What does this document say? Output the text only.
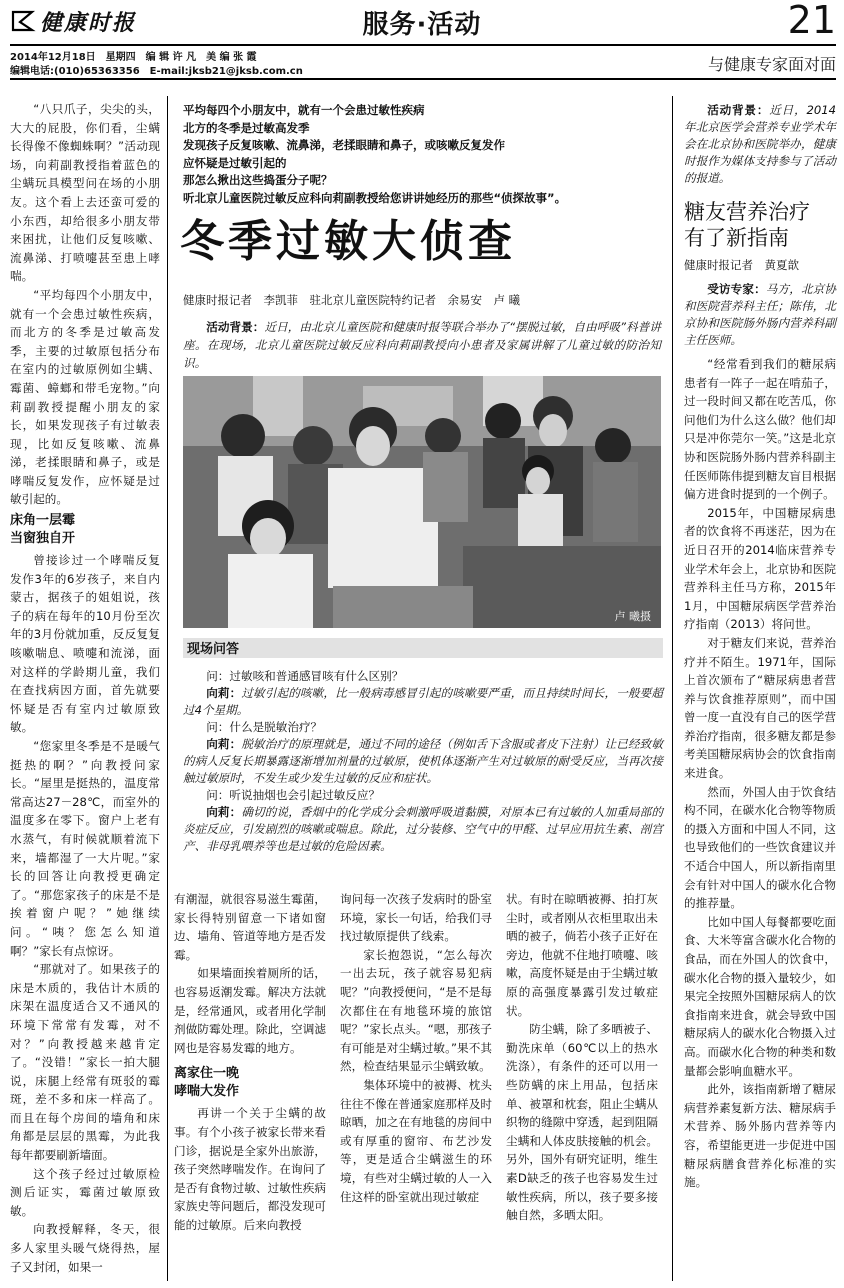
健康时报	服务·活动	21
2014年12月18日　星期四　编 辑 许 凡　美 编 张 霞
编辑电话:(010)65363356　E-mail:jksb21@jksb.com.cn	与健康专家面对面

“八只爪子，尖尖的头，大大的屁股，你们看，尘螨长得像不像蜘蛛啊？”活动现场，向莉副教授指着蓝色的尘螨玩具模型问在场的小朋友。这个看上去还蛮可爱的小东西，却给很多小朋友带来困扰，让他们反复咳嗽、流鼻涕、打喷嚏甚至患上哮喘。

“平均每四个小朋友中，就有一个会患过敏性疾病，而北方的冬季是过敏高发季，主要的过敏原包括分布在室内的过敏原例如尘螨、霉菌、蟑螂和带毛宠物。”向莉副教授提醒小朋友的家长，如果发现孩子有过敏表现，比如反复咳嗽、流鼻涕，老揉眼睛和鼻子，或是哮喘反复发作，应怀疑是过敏引起的。

床角一层霉
当窗独自开

曾接诊过一个哮喘反复发作3年的6岁孩子，来自内蒙古，据孩子的姐姐说，孩子的病在每年的10月份至次年的3月份就加重，反反复复咳嗽喘息、喷嚏和流涕，面对这样的学龄期儿童，我们在查找病因方面，首先就要怀疑是否有室内过敏原致敏。

“您家里冬季是不是暖气挺热的啊？”向教授问家长。“屋里是挺热的，温度常常高达27－28℃，而室外的温度多在零下。窗户上老有水蒸气，有时候就顺着流下来，墙都湿了一大片呢。”家长的回答让向教授更确定了。“那您家孩子的床是不是挨着窗户呢？”她继续问。“咦？您怎么知道啊？”家长有点惊讶。

“那就对了。如果孩子的床是木质的，我估计木质的床架在温度适合又不通风的环境下常常有发霉，对不对？”向教授越来越肯定了。“没错！”家长一拍大腿说，床腿上经常有斑驳的霉斑，差不多和床一样高了。而且在每个房间的墙角和床角都是层层的黑霉，为此我每年都要刷新墙面。

这个孩子经过过敏原检测后证实，霉菌过敏原致敏。

向教授解释，冬天，很多人家里头暖气烧得热，屋子又封闭，如果一

平均每四个小朋友中，就有一个会患过敏性疾病
北方的冬季是过敏高发季
发现孩子反复咳嗽、流鼻涕，老揉眼睛和鼻子，或咳嗽反复发作
应怀疑是过敏引起的
那怎么揪出这些捣蛋分子呢？
听北京儿童医院过敏反应科向莉副教授给您讲讲她经历的那些“侦探故事”。
冬季过敏大侦查
健康时报记者　李凯菲　驻北京儿童医院特约记者　余易安　卢 曦

活动背景：近日，由北京儿童医院和健康时报等联合举办了“摆脱过敏，自由呼吸”科普讲座。在现场，北京儿童医院过敏反应科向莉副教授向小患者及家属讲解了儿童过敏的防治知识。

卢 曦摄
现场问答

问：过敏咳和普通感冒咳有什么区别？

向莉：过敏引起的咳嗽，比一般病毒感冒引起的咳嗽要严重，而且持续时间长，一般要超过4个星期。

问：什么是脱敏治疗？

向莉：脱敏治疗的原理就是，通过不同的途径（例如舌下含服或者皮下注射）让已经致敏的病人反复长期暴露逐渐增加剂量的过敏原，使机体逐渐产生对过敏原的耐受反应，当再次接触过敏原时，不发生或少发生过敏的反应和症状。

问：听说抽烟也会引起过敏反应？

向莉：确切的说，香烟中的化学成分会刺激呼吸道黏膜，对原本已有过敏的人加重局部的炎症反应，引发剧烈的咳嗽或喘息。除此，过分装修、空气中的甲醛、过早应用抗生素、剖宫产、非母乳喂养等也是过敏的危险因素。

有潮湿，就很容易滋生霉菌，家长得特别留意一下诸如窗边、墙角、管道等地方是否发霉。

如果墙面挨着厕所的话，也容易返潮发霉。解决方法就是，经常通风，或者用化学制剂做防霉处理。除此，空调滤网也是容易发霉的地方。

离家住一晚
哮喘大发作

再讲一个关于尘螨的故事。有个小孩子被家长带来看门诊，据说是全家外出旅游，孩子突然哮喘发作。在询问了是否有食物过敏、过敏性疾病家族史等问题后，都没发现可能的过敏原。后来向教授

询问每一次孩子发病时的卧室环境，家长一句话，给我们寻找过敏原提供了线索。

家长抱怨说，“怎么每次一出去玩，孩子就容易犯病呢？”向教授便问，“是不是每次都住在有地毯环境的旅馆呢？”家长点头。“嗯，那孩子有可能是对尘螨过敏。”果不其然，检查结果显示尘螨致敏。

集体环境中的被褥、枕头往往不像在普通家庭那样及时晾晒，加之在有地毯的房间中或有厚重的窗帘、布艺沙发等，更是适合尘螨滋生的环境，有些对尘螨过敏的人一入住这样的卧室就出现过敏症

状。有时在晾晒被褥、拍打灰尘时，或者刚从衣柜里取出未晒的被子，倘若小孩子正好在旁边，他就不住地打喷嚏、咳嗽，高度怀疑是由于尘螨过敏原的高强度暴露引发过敏症状。

防尘螨，除了多晒被子、勤洗床单（60℃以上的热水洗涤），有条件的还可以用一些防螨的床上用品，包括床单、被罩和枕套，阻止尘螨从织物的缝隙中穿透，起到阻隔尘螨和人体皮肤接触的机会。另外，国外有研究证明，维生素D缺乏的孩子也容易发生过敏性疾病，所以，孩子要多接触自然，多晒太阳。

活动背景：近日，2014年北京医学会营养专业学术年会在北京协和医院举办，健康时报作为媒体支持参与了活动的报道。

糖友营养治疗
有了新指南
健康时报记者　黄夏歆

受访专家：马方，北京协和医院营养科主任；陈伟，北京协和医院肠外肠内营养科副主任医师。

“经常看到我们的糖尿病患者有一阵子一起在啃茄子，过一段时间又都在吃苦瓜，你问他们为什么这么做？他们却只是冲你莞尔一笑。”这是北京协和医院肠外肠内营养科副主任医师陈伟提到糖友盲目根据偏方进食时提到的一个例子。

2015年，中国糖尿病患者的饮食将不再迷茫，因为在近日召开的2014临床营养专业学术年会上，北京协和医院营养科主任马方称，2015年1月，中国糖尿病医学营养治疗指南（2013）将问世。

对于糖友们来说，营养治疗并不陌生。1971年，国际上首次颁布了“糖尿病患者营养与饮食推荐原则”，而中国曾一度一直没有自己的医学营养治疗指南，很多糖友都是参考美国糖尿病协会的饮食指南来进食。

然而，外国人由于饮食结构不同，在碳水化合物等物质的摄入方面和中国人不同，这也导致他们的一些饮食建议并不适合中国人，所以新指南里会有针对中国人的碳水化合物的推荐量。

比如中国人每餐都要吃面食、大米等富含碳水化合物的食品，而在外国人的饮食中，碳水化合物的摄入量较少，如果完全按照外国糖尿病人的饮食指南来进食，就会导致中国糖尿病人的碳水化合物摄入过高。而碳水化合物的种类和数量都会影响血糖水平。

此外，该指南新增了糖尿病营养素复新方法、糖尿病手术营养、肠外肠内营养等内容，希望能更进一步促进中国糖尿病膳食营养化标准的实施。
